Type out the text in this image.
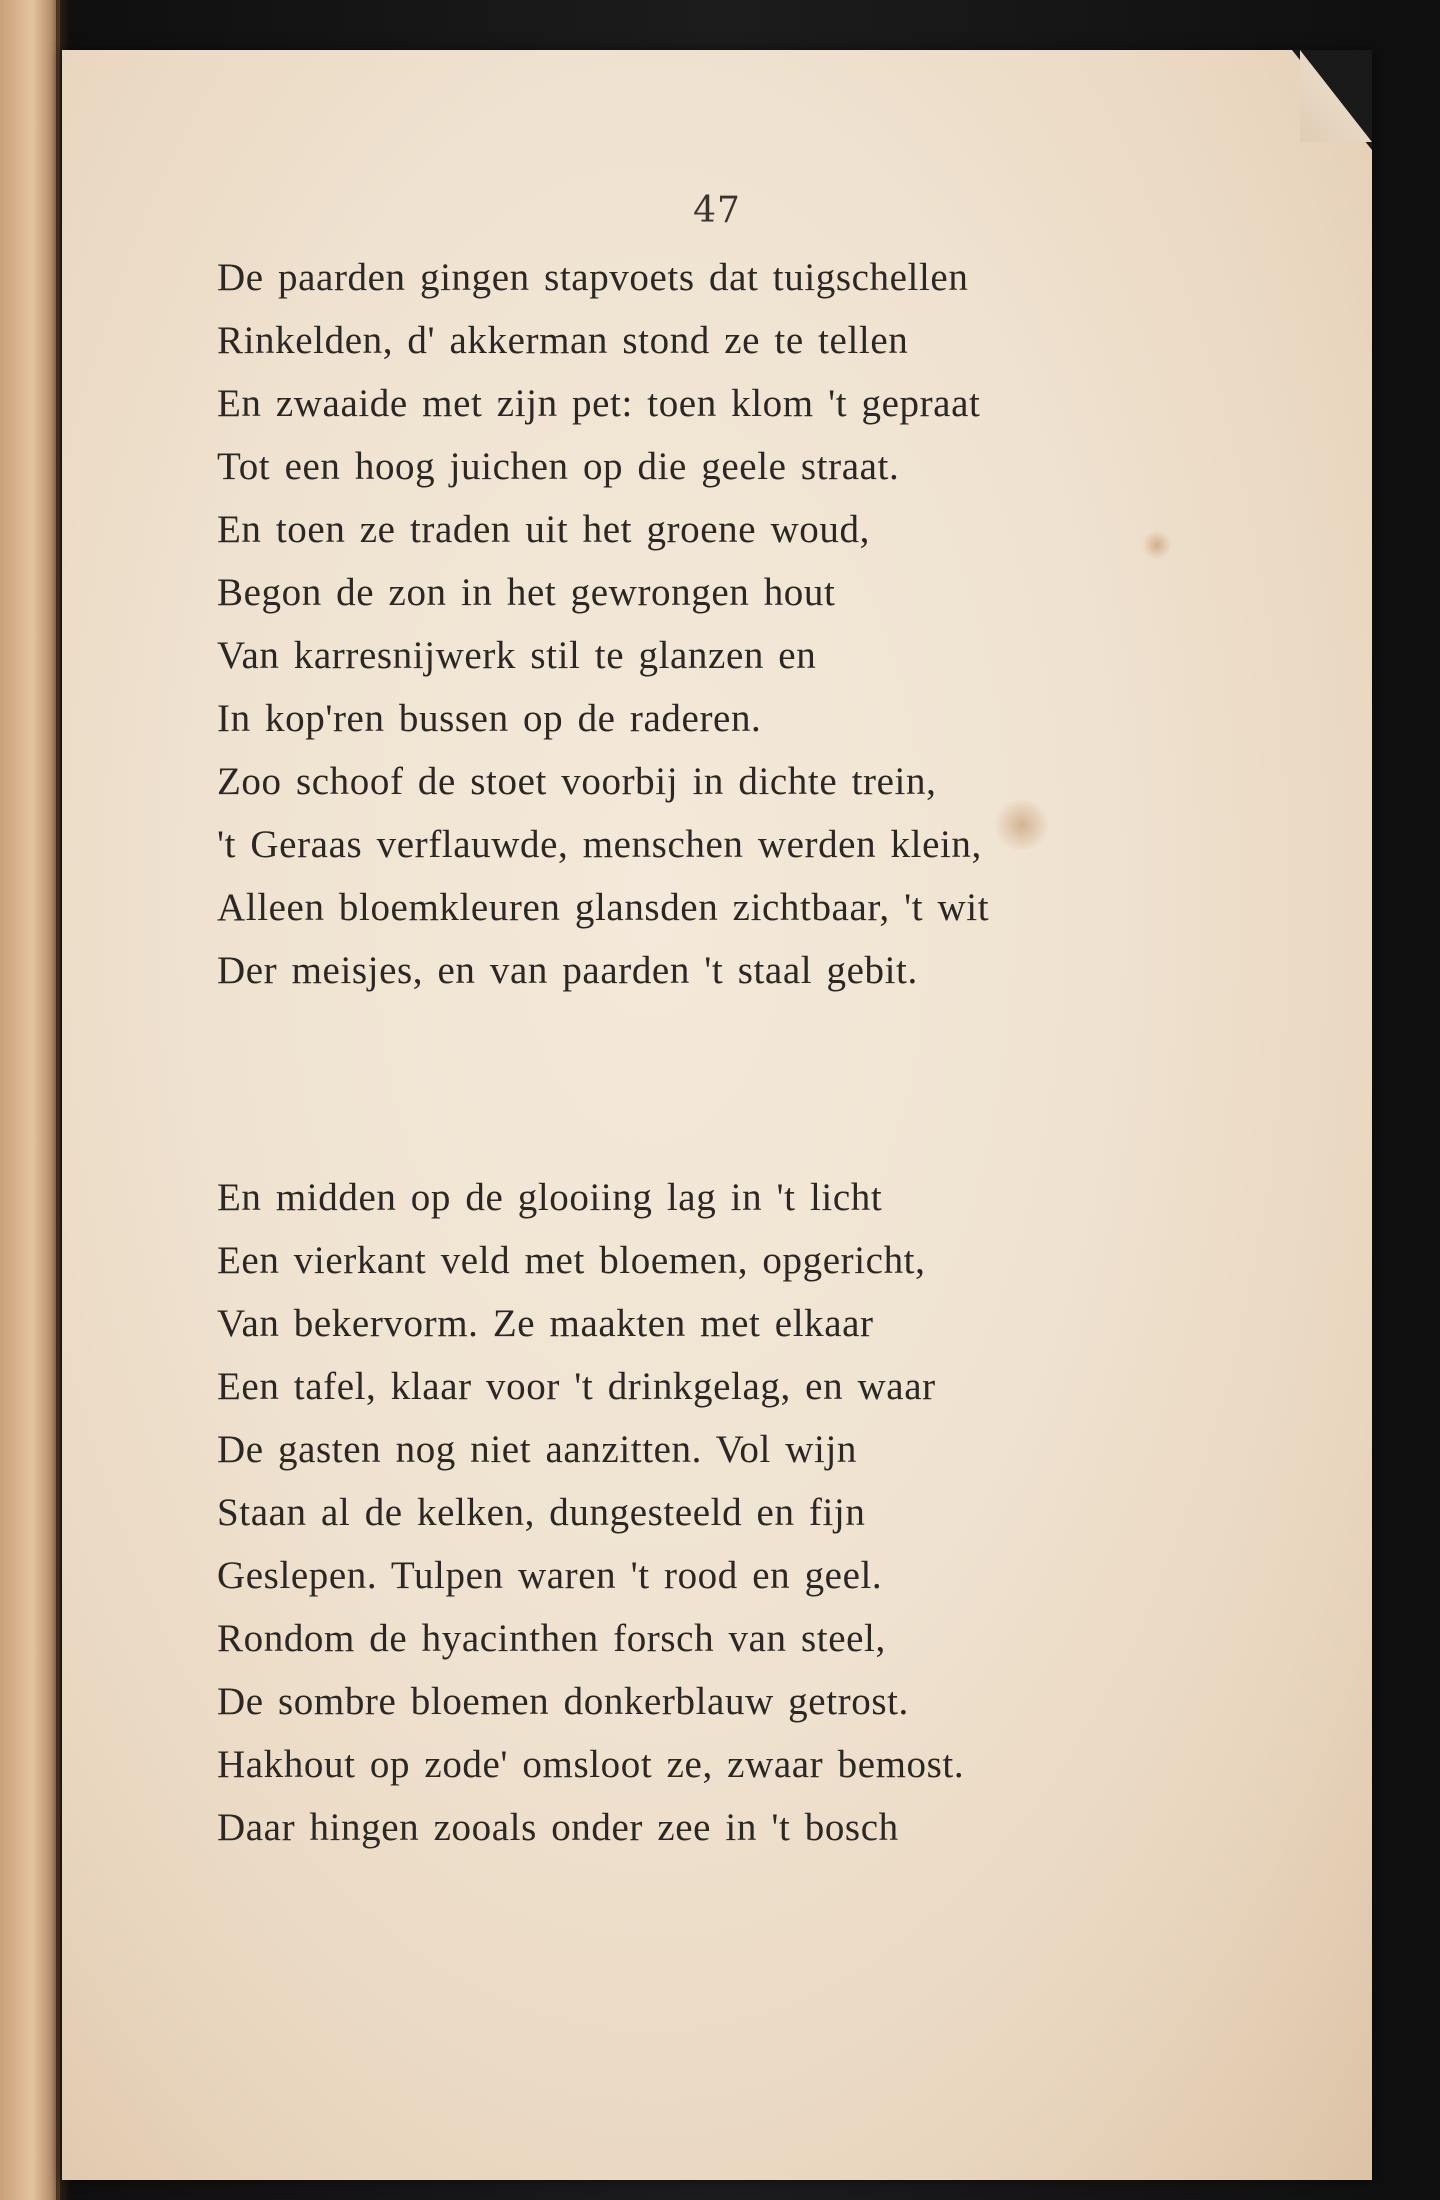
47
De paarden gingen stapvoets dat tuigschellen
Rinkelden, d' akkerman stond ze te tellen
En zwaaide met zijn pet: toen klom 't gepraat
Tot een hoog juichen op die geele straat.
En toen ze traden uit het groene woud,
Begon de zon in het gewrongen hout
Van karresnijwerk stil te glanzen en
In kop'ren bussen op de raderen.
Zoo schoof de stoet voorbij in dichte trein,
't Geraas verflauwde, menschen werden klein,
Alleen bloemkleuren glansden zichtbaar, 't wit
Der meisjes, en van paarden 't staal gebit.
En midden op de glooiing lag in 't licht
Een vierkant veld met bloemen, opgericht,
Van bekervorm. Ze maakten met elkaar
Een tafel, klaar voor 't drinkgelag, en waar
De gasten nog niet aanzitten. Vol wijn
Staan al de kelken, dungesteeld en fijn
Geslepen. Tulpen waren 't rood en geel.
Rondom de hyacinthen forsch van steel,
De sombre bloemen donkerblauw getrost.
Hakhout op zode' omsloot ze, zwaar bemost.
Daar hingen zooals onder zee in 't bosch
